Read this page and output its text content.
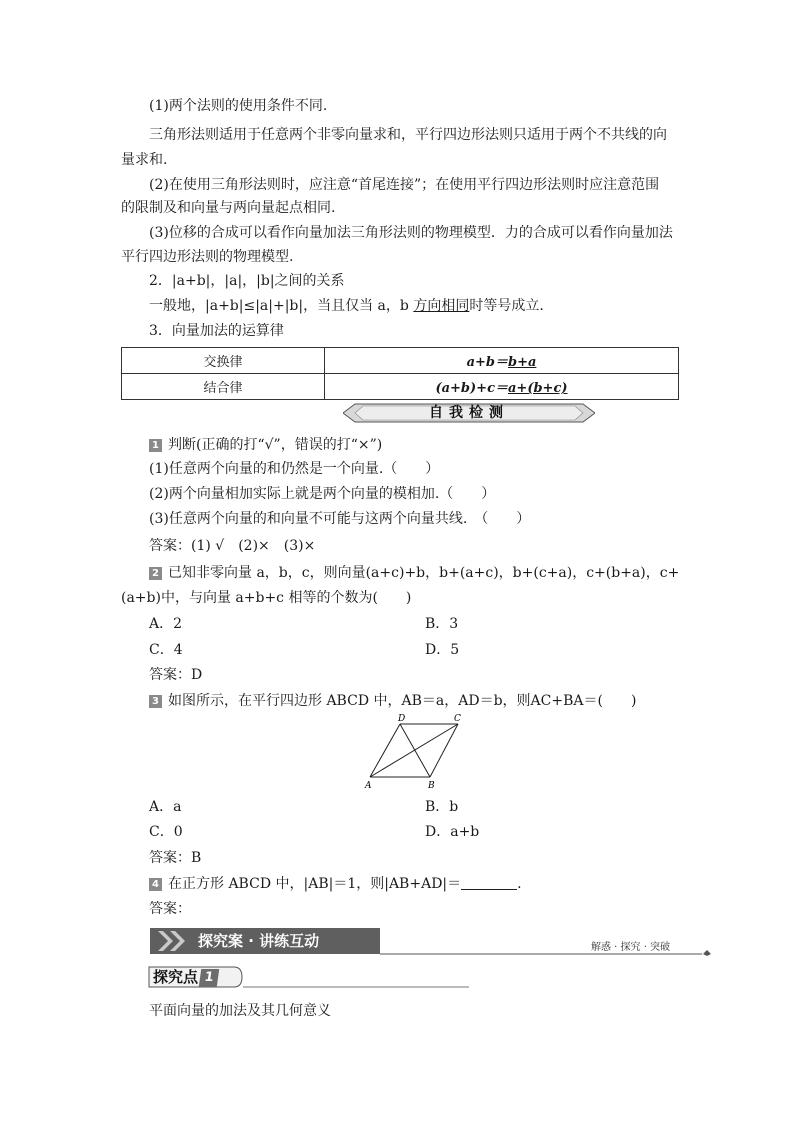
(1)两个法则的使用条件不同.
三角形法则适用于任意两个非零向量求和，平行四边形法则只适用于两个不共线的向
量求和.
(2)在使用三角形法则时，应注意“首尾连接”；在使用平行四边形法则时应注意范围
的限制及和向量与两向量起点相同.
(3)位移的合成可以看作向量加法三角形法则的物理模型．力的合成可以看作向量加法
平行四边形法则的物理模型.
2．|a+b|，|a|，|b|之间的关系
一般地，|a+b|≤|a|+|b|，当且仅当 a，b 方向相同时等号成立.
3．向量加法的运算律
交换律	a+b＝b+a
结合律	(a+b)+c＝a+(b+c)
自我检测
1 判断(正确的打“√”，错误的打“×”)
(1)任意两个向量的和仍然是一个向量.（　　）
(2)两个向量相加实际上就是两个向量的模相加.（　　）
(3)任意两个向量的和向量不可能与这两个向量共线.　（　　）
答案：(1) √　(2)×　(3)×
2 已知非零向量 a，b，c，则向量(a+c)+b，b+(a+c)，b+(c+a)，c+(b+a)，c+
(a+b)中，与向量 a+b+c 相等的个数为(　　)
A．2	B．3
C．4	D．5
答案：D
3 如图所示，在平行四边形 ABCD 中，AB＝a，AD＝b，则AC+BA＝(　　)
D	C
A	B
A．a	B．b
C．0	D．a+b
答案：B
4 在正方形 ABCD 中，|AB|＝1，则|AB+AD|＝	.
答案：
探究案 · 讲练互动	解惑 · 探究 · 突破
探究点 1
平面向量的加法及其几何意义
